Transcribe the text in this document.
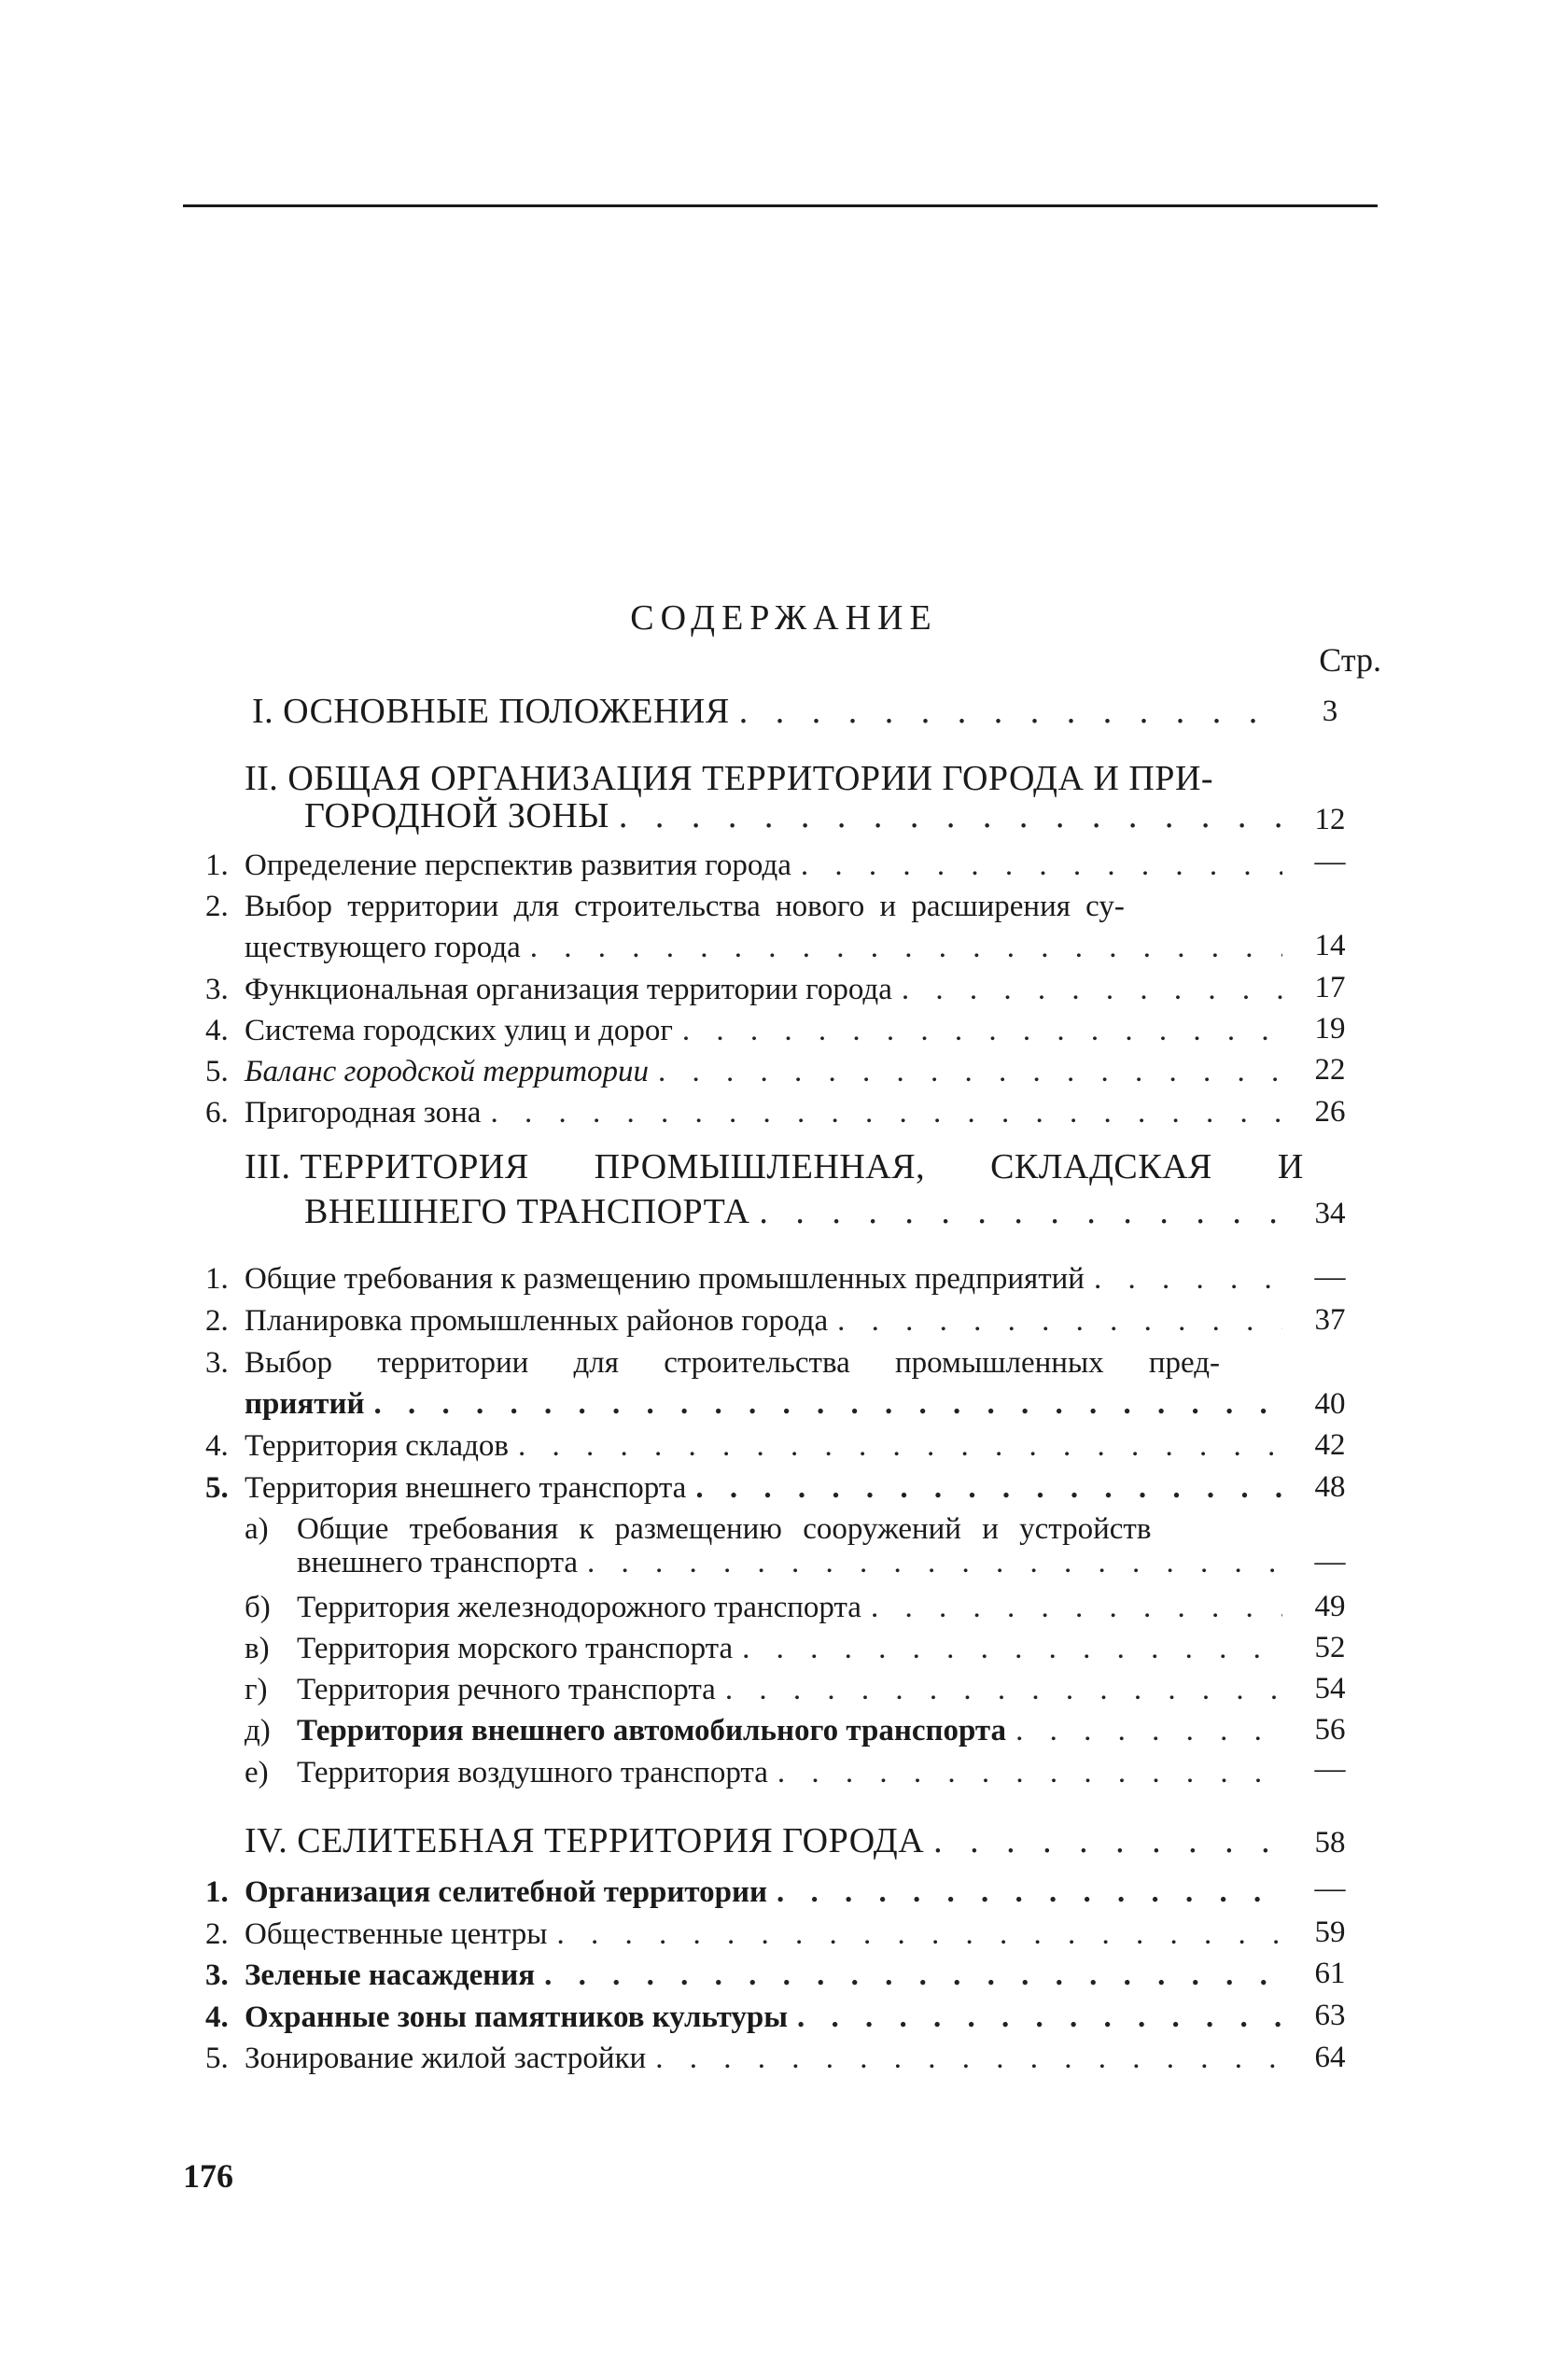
СОДЕРЖАНИЕ
Стр.
I. ОСНОВНЫЕ ПОЛОЖЕНИЯ . . .	3
II. ОБЩАЯ ОРГАНИЗАЦИЯ ТЕРРИТОРИИ ГОРОДА И ПРИ-
ГОРОДНОЙ ЗОНЫ . . .	12
1. Определение перспектив развития города . . .	—
2. Выбор территории для строительства нового и расширения су-
ществующего города . . .	14
3. Функциональная организация территории города . . .	17
4. Система городских улиц и дорог . . .	19
5. Баланс городской территории . . .	22
6. Пригородная зона . . .	26
III. ТЕРРИТОРИЯ ПРОМЫШЛЕННАЯ, СКЛАДСКАЯ И
ВНЕШНЕГО ТРАНСПОРТА . . .	34
1. Общие требования к размещению промышленных предприятий . . .	—
2. Планировка промышленных районов города . . .	37
3. Выбор территории для строительства промышленных пред-
приятий . . .	40
4. Территория складов . . .	42
5. Территория внешнего транспорта . . .	48
а) Общие требования к размещению сооружений и устройств
внешнего транспорта . . .	—
б) Территория железнодорожного транспорта . . .	49
в) Территория морского транспорта . . .	52
г) Территория речного транспорта . . .	54
д) Территория внешнего автомобильного транспорта . . .	56
е) Территория воздушного транспорта . . .	—
IV. СЕЛИТЕБНАЯ ТЕРРИТОРИЯ ГОРОДА . . .	58
1. Организация селитебной территории . . .	—
2. Общественные центры . . .	59
3. Зеленые насаждения . . .	61
4. Охранные зоны памятников культуры . . .	63
5. Зонирование жилой застройки . . .	64
176
